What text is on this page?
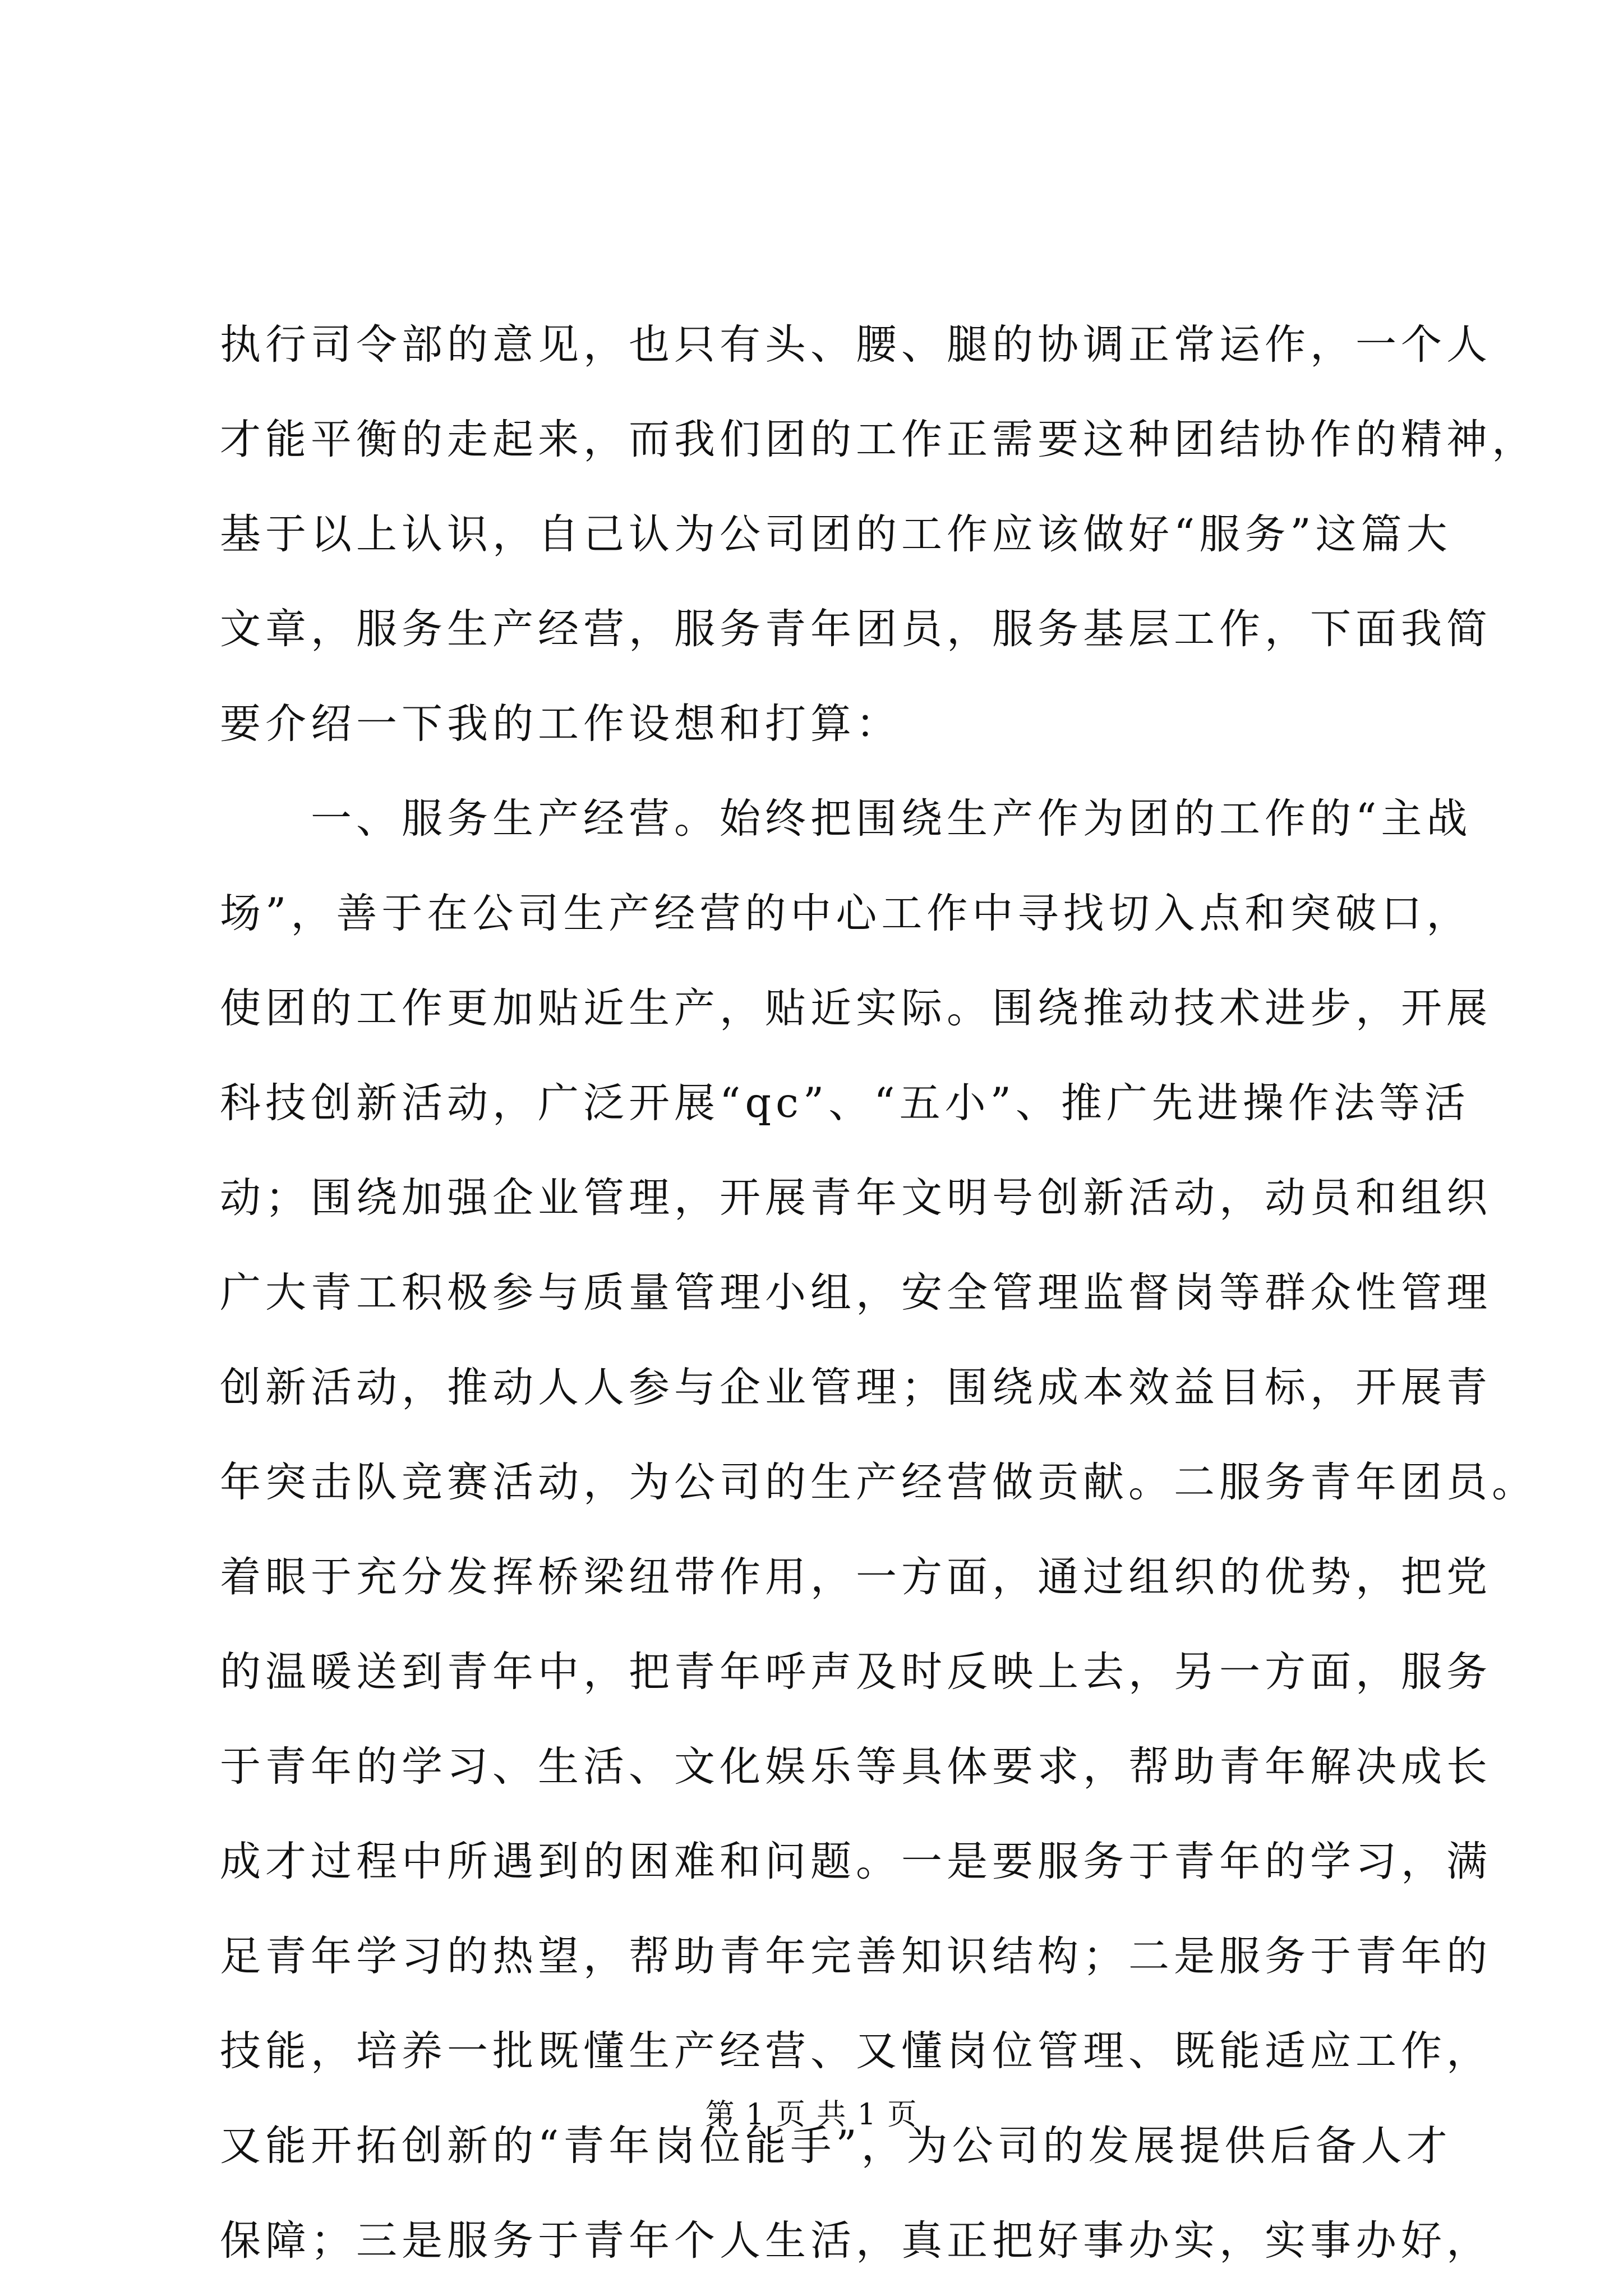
执行司令部的意见，也只有头、腰、腿的协调正常运作，一个人
才能平衡的走起来，而我们团的工作正需要这种团结协作的精神，
基于以上认识，自己认为公司团的工作应该做好“服务”这篇大
文章，服务生产经营，服务青年团员，服务基层工作，下面我简
要介绍一下我的工作设想和打算：
　　一、服务生产经营。始终把围绕生产作为团的工作的“主战
场”，善于在公司生产经营的中心工作中寻找切入点和突破口，
使团的工作更加贴近生产，贴近实际。围绕推动技术进步，开展
科技创新活动，广泛开展“qc”、“五小”、推广先进操作法等活
动；围绕加强企业管理，开展青年文明号创新活动，动员和组织
广大青工积极参与质量管理小组，安全管理监督岗等群众性管理
创新活动，推动人人参与企业管理；围绕成本效益目标，开展青
年突击队竞赛活动，为公司的生产经营做贡献。二服务青年团员。
着眼于充分发挥桥梁纽带作用，一方面，通过组织的优势，把党
的温暖送到青年中，把青年呼声及时反映上去，另一方面，服务
于青年的学习、生活、文化娱乐等具体要求，帮助青年解决成长
成才过程中所遇到的困难和问题。一是要服务于青年的学习，满
足青年学习的热望，帮助青年完善知识结构；二是服务于青年的
技能，培养一批既懂生产经营、又懂岗位管理、既能适应工作，
又能开拓创新的“青年岗位能手”，为公司的发展提供后备人才
保障；三是服务于青年个人生活，真正把好事办实，实事办好，
第 1 页 共 1 页
